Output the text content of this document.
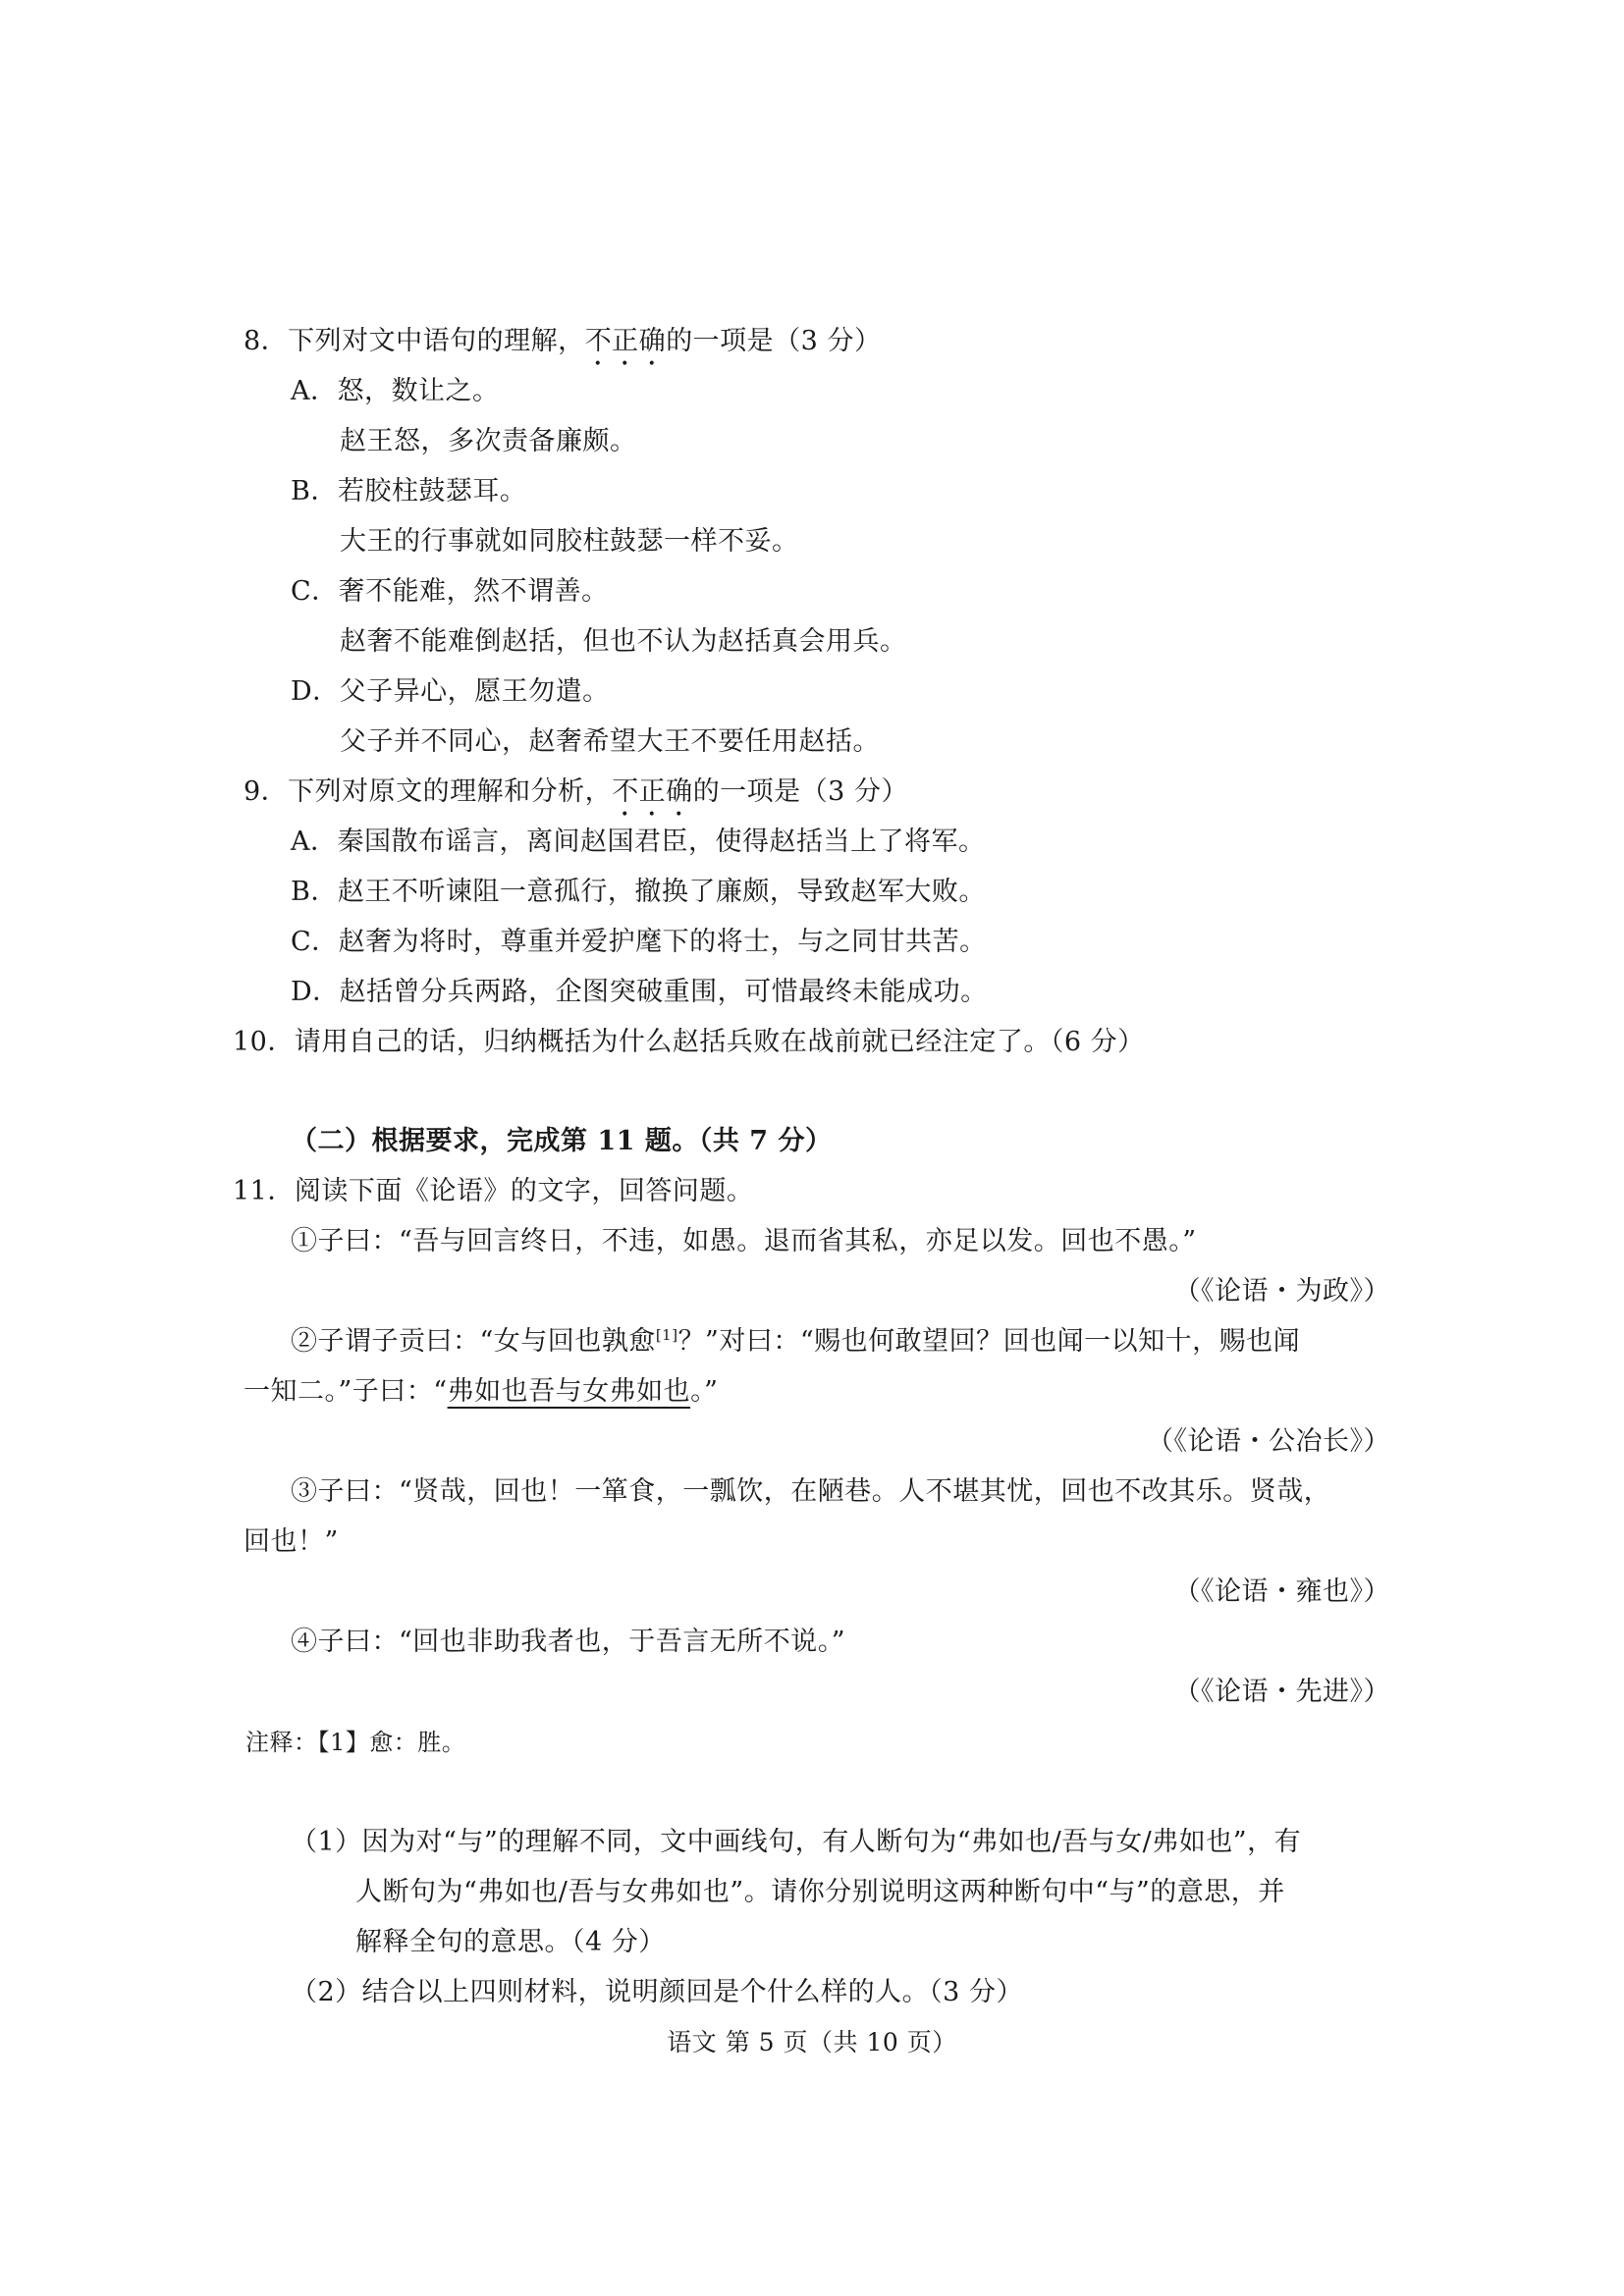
8．下列对文中语句的理解，不正确的一项是（3 分）
A．怒，数让之。
赵王怒，多次责备廉颇。
B．若胶柱鼓瑟耳。
大王的行事就如同胶柱鼓瑟一样不妥。
C．奢不能难，然不谓善。
赵奢不能难倒赵括，但也不认为赵括真会用兵。
D．父子异心，愿王勿遣。
父子并不同心，赵奢希望大王不要任用赵括。
9．下列对原文的理解和分析，不正确的一项是（3 分）
A．秦国散布谣言，离间赵国君臣，使得赵括当上了将军。
B．赵王不听谏阻一意孤行，撤换了廉颇，导致赵军大败。
C．赵奢为将时，尊重并爱护麾下的将士，与之同甘共苦。
D．赵括曾分兵两路，企图突破重围，可惜最终未能成功。
10．请用自己的话，归纳概括为什么赵括兵败在战前就已经注定了。（6 分）
（二）根据要求，完成第 11 题。（共 7 分）
11．阅读下面《论语》的文字，回答问题。
①子曰：“吾与回言终日，不违，如愚。退而省其私，亦足以发。回也不愚。”
（《论语・为政》）
②子谓子贡曰：“女与回也孰愈[1]？”对曰：“赐也何敢望回？回也闻一以知十，赐也闻
一知二。”子曰：“弗如也吾与女弗如也。”
（《论语・公冶长》）
③子曰：“贤哉，回也！一箪食，一瓢饮，在陋巷。人不堪其忧，回也不改其乐。贤哉，
回也！”
（《论语・雍也》）
④子曰：“回也非助我者也，于吾言无所不说。”
（《论语・先进》）
注释：【1】愈：胜。
（1）因为对“与”的理解不同，文中画线句，有人断句为“弗如也/吾与女/弗如也”，有
人断句为“弗如也/吾与女弗如也”。请你分别说明这两种断句中“与”的意思，并
解释全句的意思。（4 分）
（2）结合以上四则材料，说明颜回是个什么样的人。（3 分）
语文 第 5 页（共 10 页）
